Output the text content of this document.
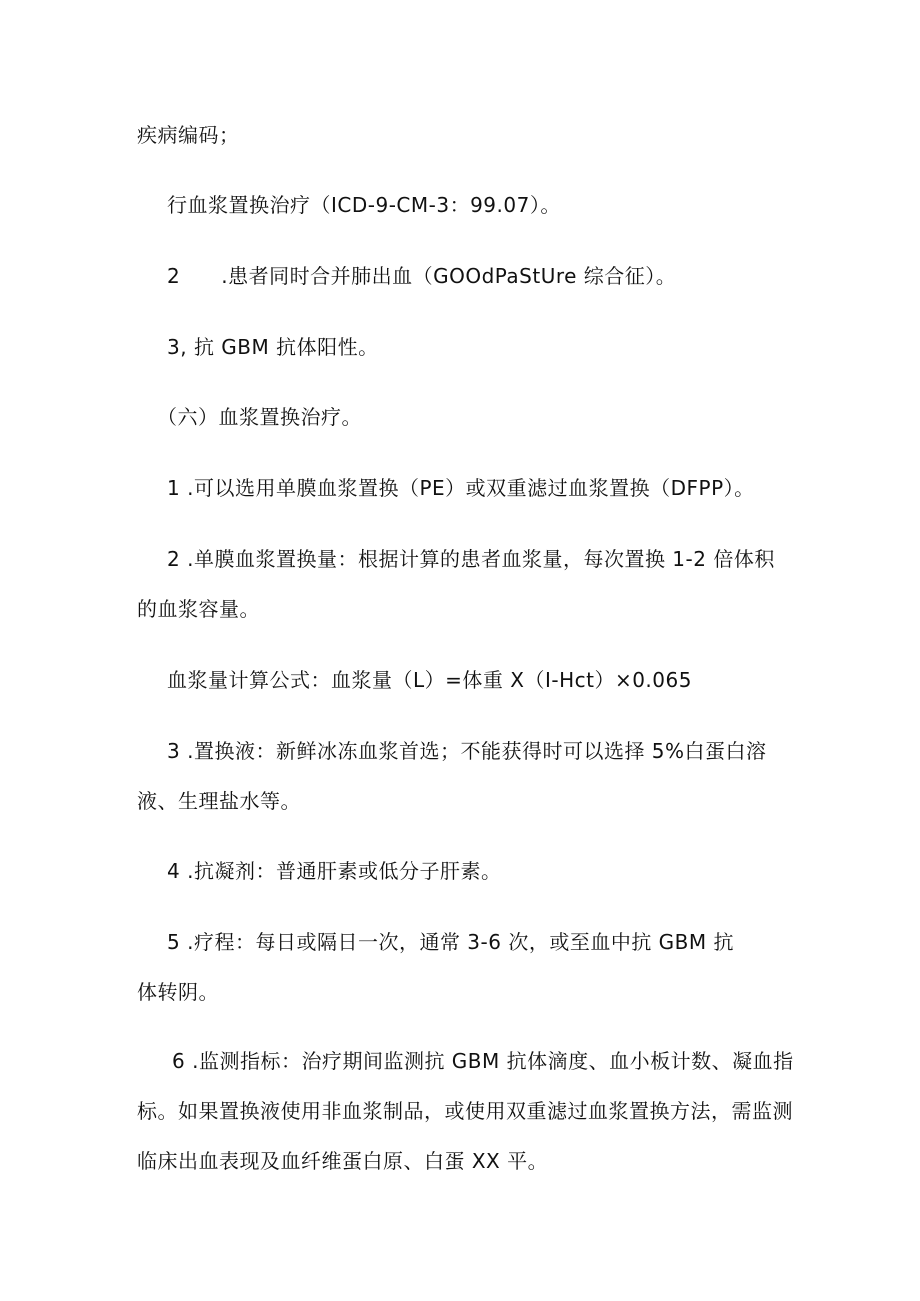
疾病编码；
行血浆置换治疗（ICD-9-CM-3：99.07）。
2  .患者同时合并肺出血（GOOdPaStUre 综合征）。
3, 抗 GBM 抗体阳性。
（六）血浆置换治疗。
1 .可以选用单膜血浆置换（PE）或双重滤过血浆置换（DFPP）。
2 .单膜血浆置换量：根据计算的患者血浆量，每次置换 1-2 倍体积
的血浆容量。
血浆量计算公式：血浆量（L）=体重 X（I-Hct）×0.065
3 .置换液：新鲜冰冻血浆首选；不能获得时可以选择 5%白蛋白溶
液、生理盐水等。
4 .抗凝剂：普通肝素或低分子肝素。
5 .疗程：每日或隔日一次，通常 3-6 次，或至血中抗 GBM 抗
体转阴。
6 .监测指标：治疗期间监测抗 GBM 抗体滴度、血小板计数、凝血指
标。如果置换液使用非血浆制品，或使用双重滤过血浆置换方法，需监测
临床出血表现及血纤维蛋白原、白蛋 XX 平。
